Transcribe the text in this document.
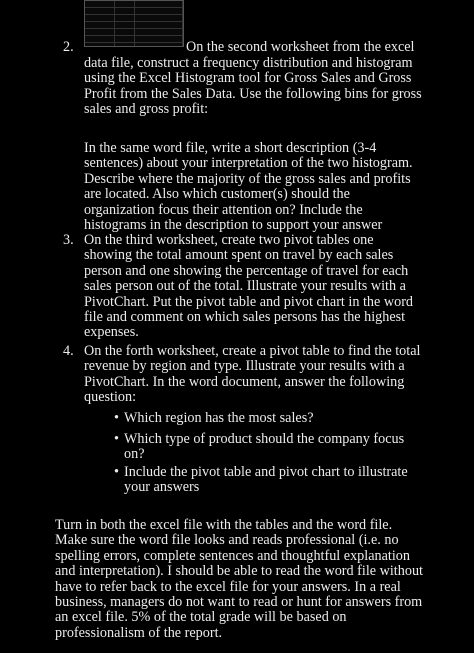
2.	On the second worksheet from the excel
data file, construct a frequency distribution and histogram
using the Excel Histogram tool for Gross Sales and Gross
Profit from the Sales Data. Use the following bins for gross
sales and gross profit:
In the same word file, write a short description (3-4
sentences) about your interpretation of the two histogram.
Describe where the majority of the gross sales and profits
are located. Also which customer(s) should the
organization focus their attention on? Include the
histograms in the description to support your answer
3. On the third worksheet, create two pivot tables one
showing the total amount spent on travel by each sales
person and one showing the percentage of travel for each
sales person out of the total. Illustrate your results with a
PivotChart. Put the pivot table and pivot chart in the word
file and comment on which sales persons has the highest
expenses.
4. On the forth worksheet, create a pivot table to find the total
revenue by region and type. Illustrate your results with a
PivotChart. In the word document, answer the following
question:
• Which region has the most sales?
• Which type of product should the company focus
on?
• Include the pivot table and pivot chart to illustrate
your answers
Turn in both the excel file with the tables and the word file.
Make sure the word file looks and reads professional (i.e. no
spelling errors, complete sentences and thoughtful explanation
and interpretation). I should be able to read the word file without
have to refer back to the excel file for your answers. In a real
business, managers do not want to read or hunt for answers from
an excel file. 5% of the total grade will be based on
professionalism of the report.
